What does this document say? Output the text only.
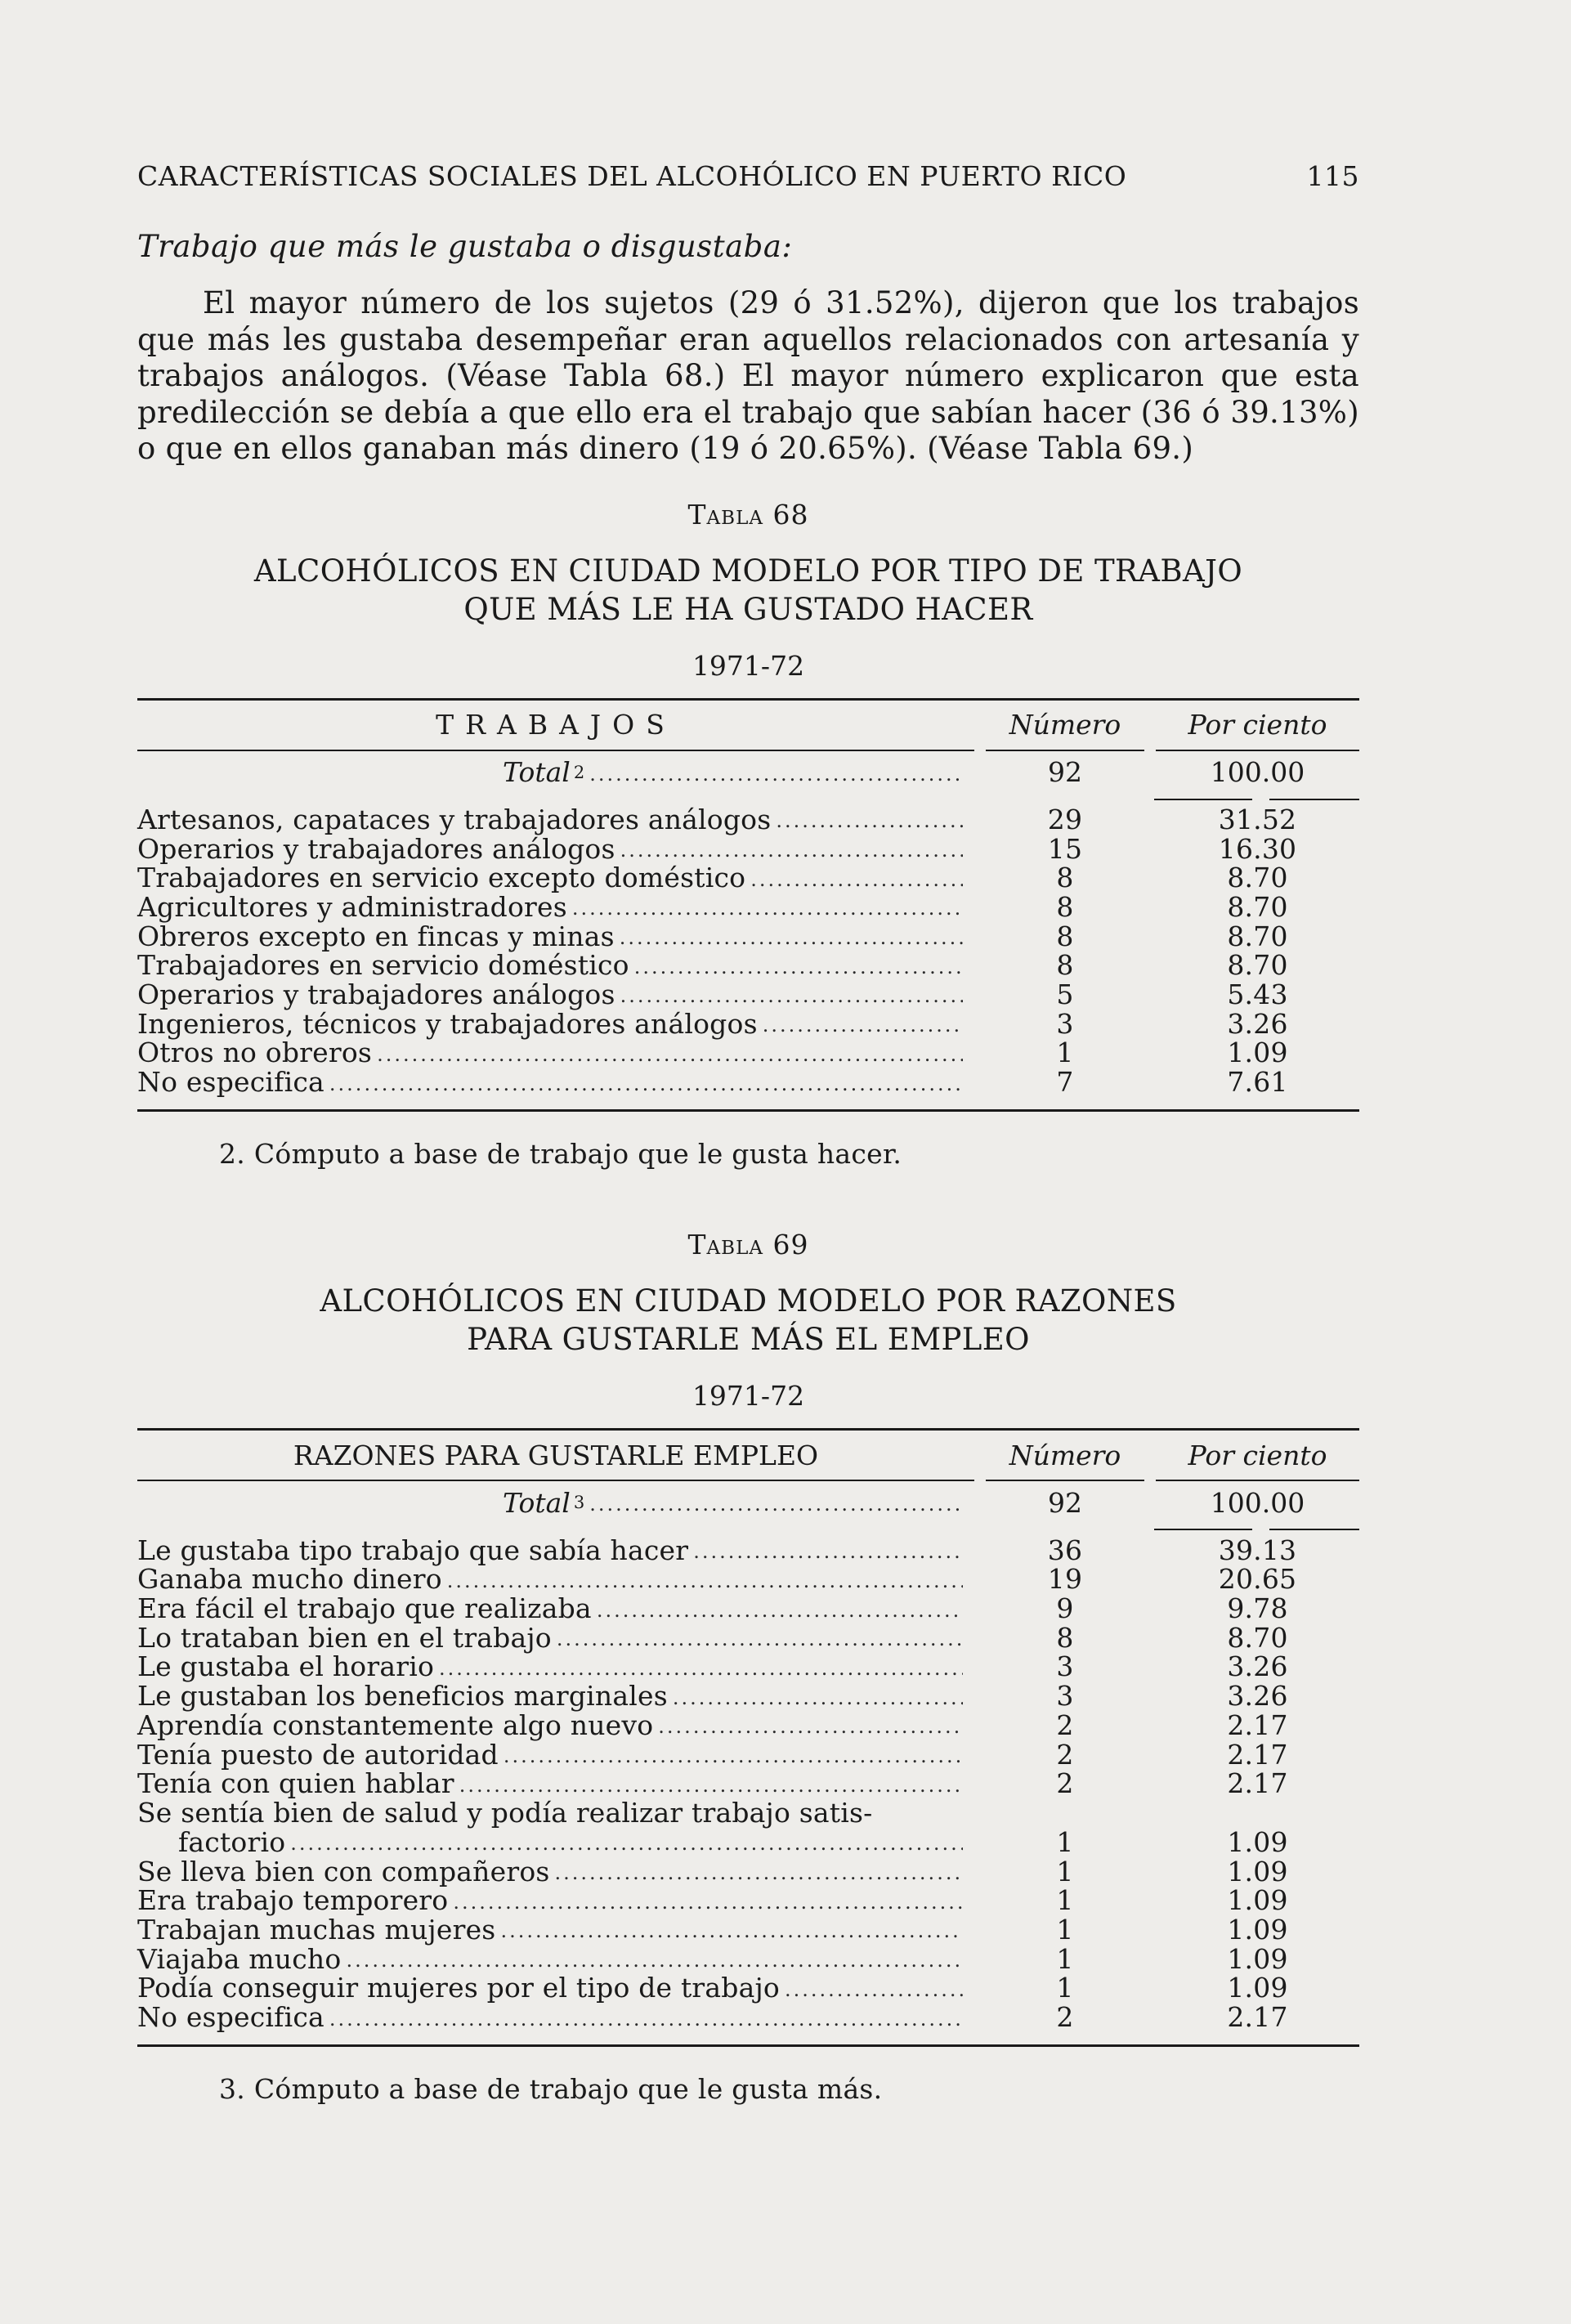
CARACTERÍSTICAS SOCIALES DEL ALCOHÓLICO EN PUERTO RICO	115
Trabajo que más le gustaba o disgustaba:
El mayor número de los sujetos (29 ó 31.52%), dijeron que los trabajos que más les gustaba desempeñar eran aquellos relacionados con artesanía y trabajos análogos. (Véase Tabla 68.) El mayor número explicaron que esta predilección se debía a que ello era el trabajo que sabían hacer (36 ó 39.13%) o que en ellos ganaban más dinero (19 ó 20.65%). (Véase Tabla 69.)
Tabla 68
ALCOHÓLICOS EN CIUDAD MODELO POR TIPO DE TRABAJO
QUE MÁS LE HA GUSTADO HACER
1971-72
TRABAJOS	Número	Por ciento
Total 2 .....	92	100.00
Artesanos, capataces y trabajadores análogos .....	29	31.52
Operarios y trabajadores análogos .....	15	16.30
Trabajadores en servicio excepto doméstico .....	8	8.70
Agricultores y administradores .....	8	8.70
Obreros excepto en fincas y minas .....	8	8.70
Trabajadores en servicio doméstico .....	8	8.70
Operarios y trabajadores análogos .....	5	5.43
Ingenieros, técnicos y trabajadores análogos .....	3	3.26
Otros no obreros .....	1	1.09
No especifica .....	7	7.61
2. Cómputo a base de trabajo que le gusta hacer.
Tabla 69
ALCOHÓLICOS EN CIUDAD MODELO POR RAZONES
PARA GUSTARLE MÁS EL EMPLEO
1971-72
RAZONES PARA GUSTARLE EMPLEO	Número	Por ciento
Total 3 .....	92	100.00
Le gustaba tipo trabajo que sabía hacer .....	36	39.13
Ganaba mucho dinero .....	19	20.65
Era fácil el trabajo que realizaba .....	9	9.78
Lo trataban bien en el trabajo .....	8	8.70
Le gustaba el horario .....	3	3.26
Le gustaban los beneficios marginales .....	3	3.26
Aprendía constantemente algo nuevo .....	2	2.17
Tenía puesto de autoridad .....	2	2.17
Tenía con quien hablar .....	2	2.17
Se sentía bien de salud y podía realizar trabajo satis-
factorio .....	1	1.09
Se lleva bien con compañeros .....	1	1.09
Era trabajo temporero .....	1	1.09
Trabajan muchas mujeres .....	1	1.09
Viajaba mucho .....	1	1.09
Podía conseguir mujeres por el tipo de trabajo .....	1	1.09
No especifica .....	2	2.17
3. Cómputo a base de trabajo que le gusta más.
